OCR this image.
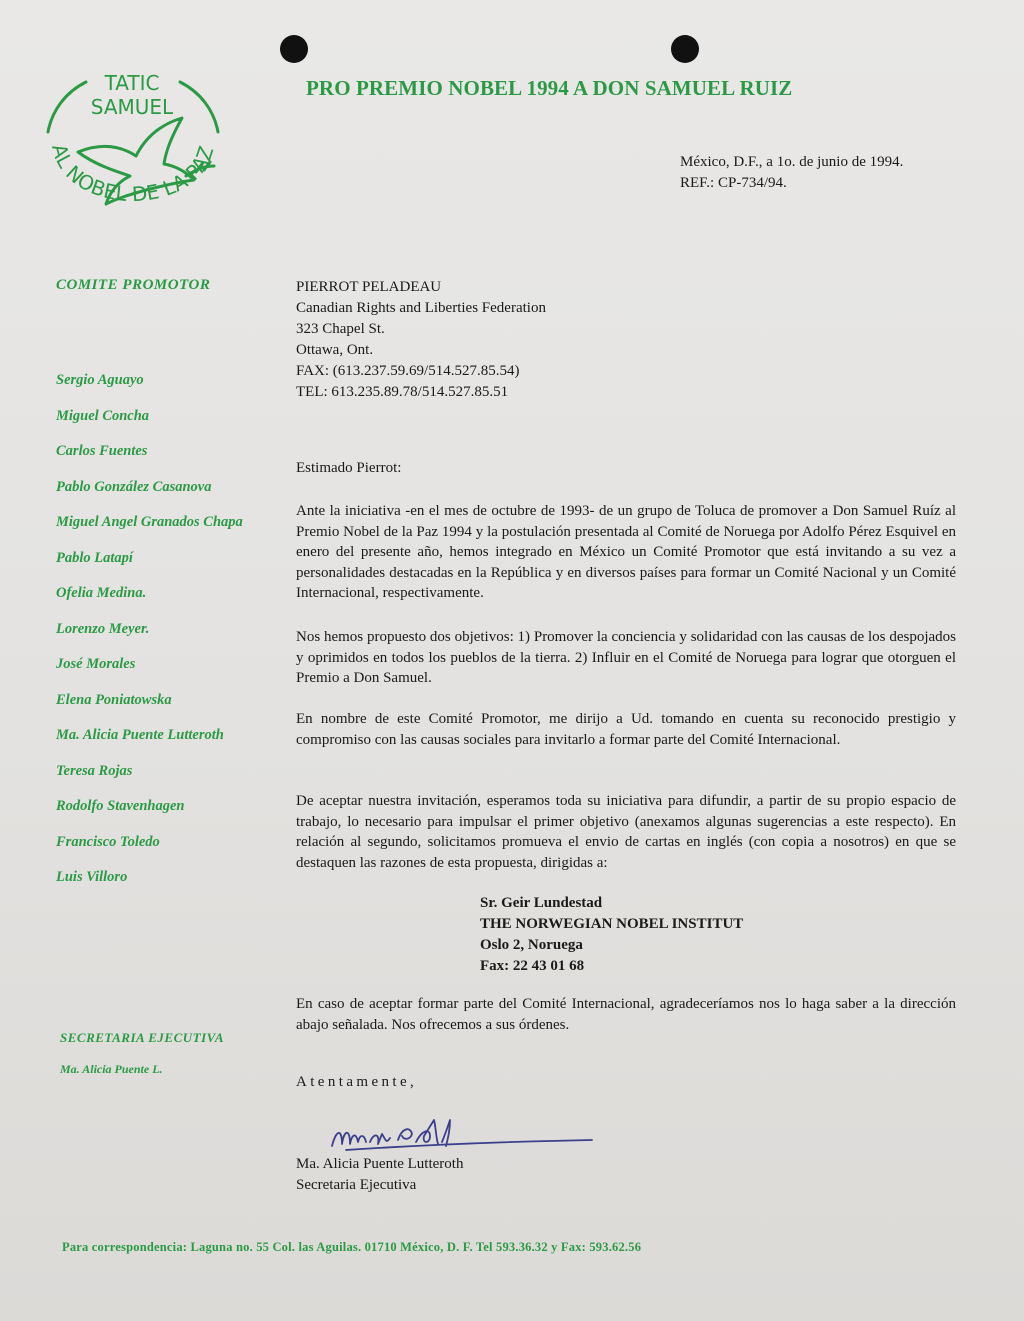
TATIC
SAMUEL
AL NOBEL DE LA PAZ
PRO PREMIO NOBEL 1994 A DON SAMUEL RUIZ
México, D.F., a 1o. de junio de 1994.
REF.: CP-734/94.
COMITE PROMOTOR
Sergio Aguayo
Miguel Concha
Carlos Fuentes
Pablo González Casanova
Miguel Angel Granados Chapa
Pablo Latapí
Ofelia Medina.
Lorenzo Meyer.
José Morales
Elena Poniatowska
Ma. Alicia Puente Lutteroth
Teresa Rojas
Rodolfo Stavenhagen
Francisco Toledo
Luis Villoro
SECRETARIA EJECUTIVA
Ma. Alicia Puente L.
PIERROT PELADEAU
Canadian Rights and Liberties Federation
323 Chapel St.
Ottawa, Ont.
FAX: (613.237.59.69/514.527.85.54)
TEL: 613.235.89.78/514.527.85.51
Estimado Pierrot:

Ante la iniciativa -en el mes de octubre de 1993- de un grupo de Toluca de promover a Don Samuel Ruíz al Premio Nobel de la Paz 1994 y la postulación presentada al Comité de Noruega por Adolfo Pérez Esquivel en enero del presente año, hemos integrado en México un Comité Promotor que está invitando a su vez a personalidades destacadas en la República y en diversos países para formar un Comité Nacional y un Comité Internacional, respectivamente.

Nos hemos propuesto dos objetivos: 1) Promover la conciencia y solidaridad con las causas de los despojados y oprimidos en todos los pueblos de la tierra. 2) Influir en el Comité de Noruega para lograr que otorguen el Premio a Don Samuel.

En nombre de este Comité Promotor, me dirijo a Ud. tomando en cuenta su reconocido prestigio y compromiso con las causas sociales para invitarlo a formar parte del Comité Internacional.

De aceptar nuestra invitación, esperamos toda su iniciativa para difundir, a partir de su propio espacio de trabajo, lo necesario para impulsar el primer objetivo (anexamos algunas sugerencias a este respecto). En relación al segundo, solicitamos promueva el envio de cartas en inglés (con copia a nosotros) en que se destaquen las razones de esta propuesta, dirigidas a:

Sr. Geir Lundestad
THE NORWEGIAN NOBEL INSTITUT
Oslo 2, Noruega
Fax: 22 43 01 68

En caso de aceptar formar parte del Comité Internacional, agradeceríamos nos lo haga saber a la dirección abajo señalada. Nos ofrecemos a sus órdenes.

Atentamente,
Ma. Alicia Puente Lutteroth
Secretaria Ejecutiva
Para correspondencia: Laguna no. 55 Col. las Aguilas. 01710 México, D. F. Tel 593.36.32 y Fax: 593.62.56
